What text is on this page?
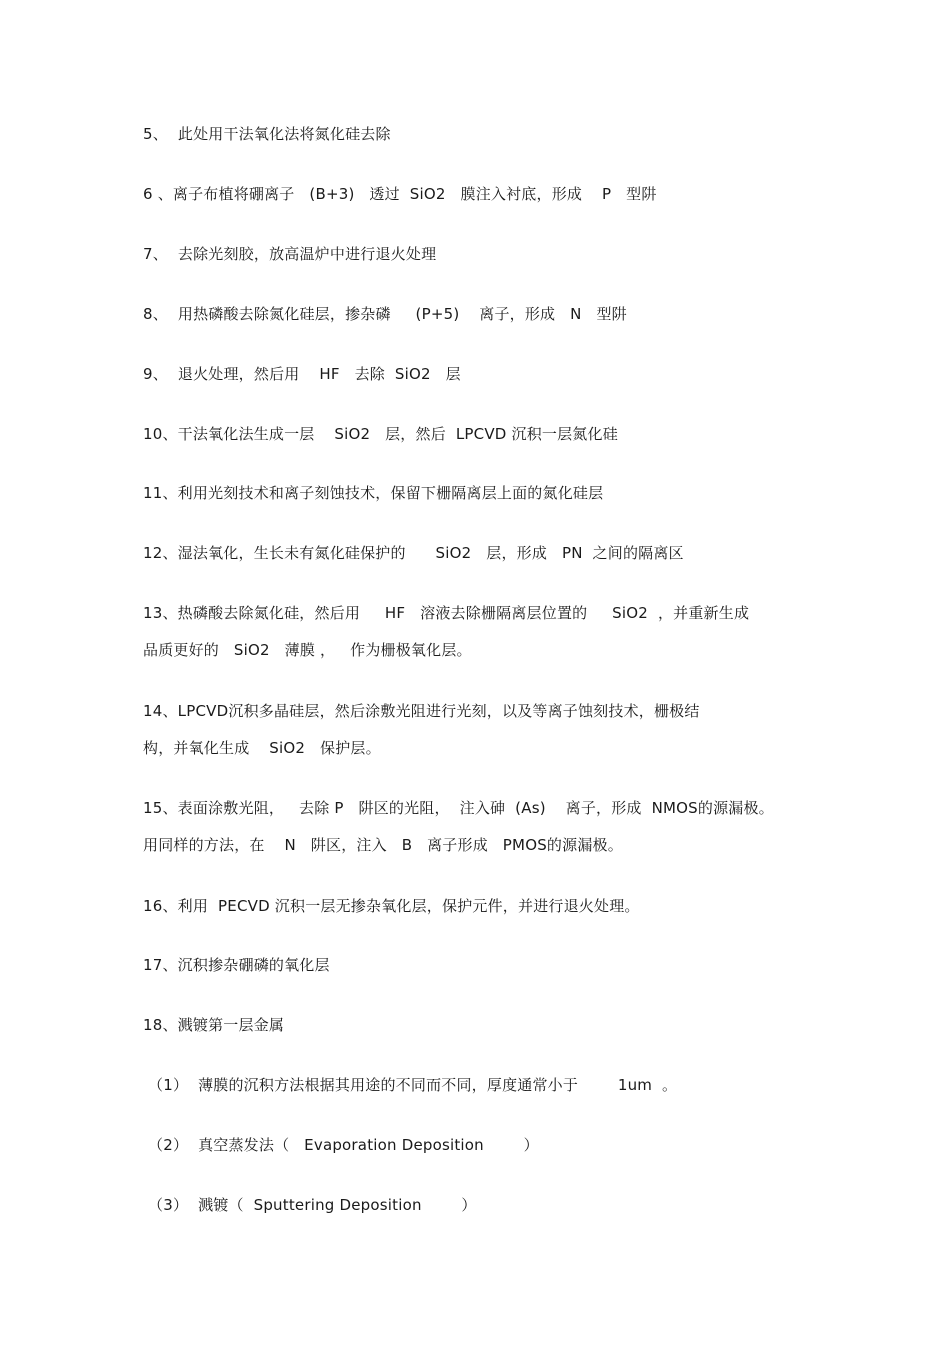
5、  此处用干法氧化法将氮化硅去除
6 、离子布植将硼离子   (B+3)   透过  SiO2   膜注入衬底，形成    P   型阱
7、  去除光刻胶，放高温炉中进行退火处理
8、  用热磷酸去除氮化硅层，掺杂磷     (P+5)    离子，形成   N   型阱
9、  退火处理，然后用    HF   去除  SiO2   层
10、干法氧化法生成一层    SiO2   层，然后  LPCVD 沉积一层氮化硅
11、利用光刻技术和离子刻蚀技术，保留下栅隔离层上面的氮化硅层
12、湿法氧化，生长未有氮化硅保护的      SiO2   层，形成   PN  之间的隔离区
13、热磷酸去除氮化硅，然后用     HF   溶液去除栅隔离层位置的     SiO2  ，并重新生成
品质更好的   SiO2   薄膜 ，   作为栅极氧化层。
14、LPCVD沉积多晶硅层，然后涂敷光阻进行光刻，以及等离子蚀刻技术，栅极结
构，并氧化生成    SiO2   保护层。
15、表面涂敷光阻，   去除 P   阱区的光阻，  注入砷  (As)    离子，形成  NMOS的源漏极。
用同样的方法，在    N   阱区，注入   B   离子形成   PMOS的源漏极。
16、利用  PECVD 沉积一层无掺杂氧化层，保护元件，并进行退火处理。
17、沉积掺杂硼磷的氧化层
18、溅镀第一层金属
（1）  薄膜的沉积方法根据其用途的不同而不同，厚度通常小于        1um  。
（2）  真空蒸发法（   Evaporation Deposition        ）
（3）  溅镀（  Sputtering Deposition        ）
